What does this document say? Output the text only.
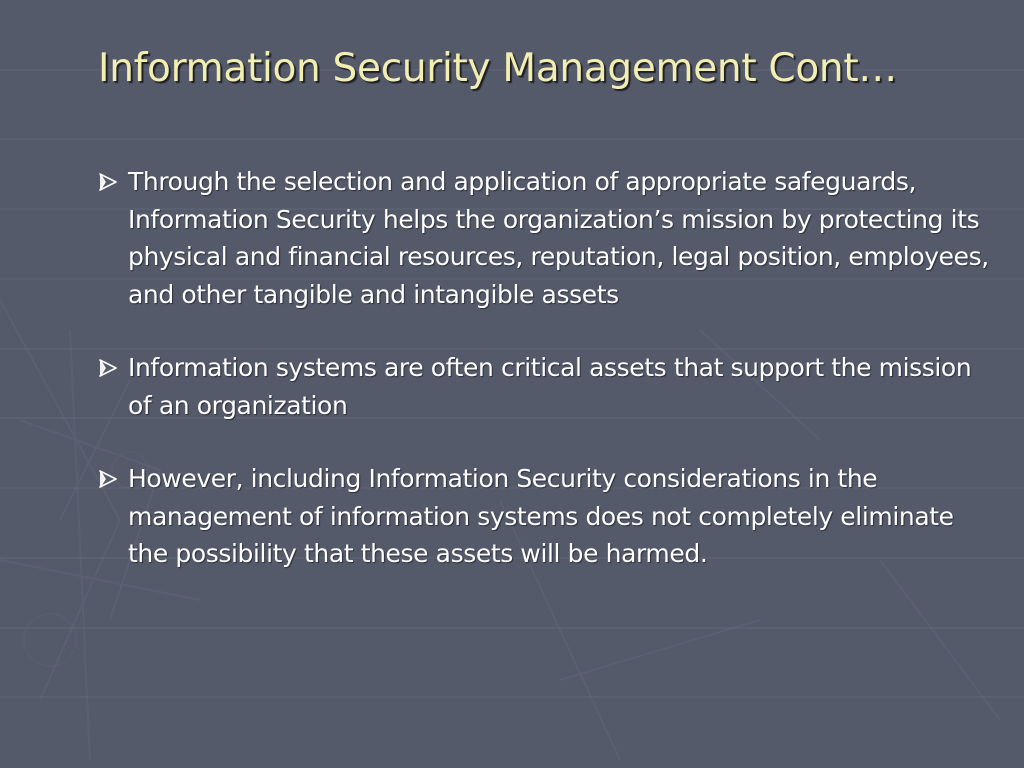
Information Security Management Cont…
Through the selection and application of appropriate safeguards, Information Security helps the organization’s mission by protecting its physical and financial resources, reputation, legal position, employees, and other tangible and intangible assets
Information systems are often critical assets that support the mission of an organization
However, including Information Security considerations in the management of information systems does not completely eliminate the possibility that these assets will be harmed.
